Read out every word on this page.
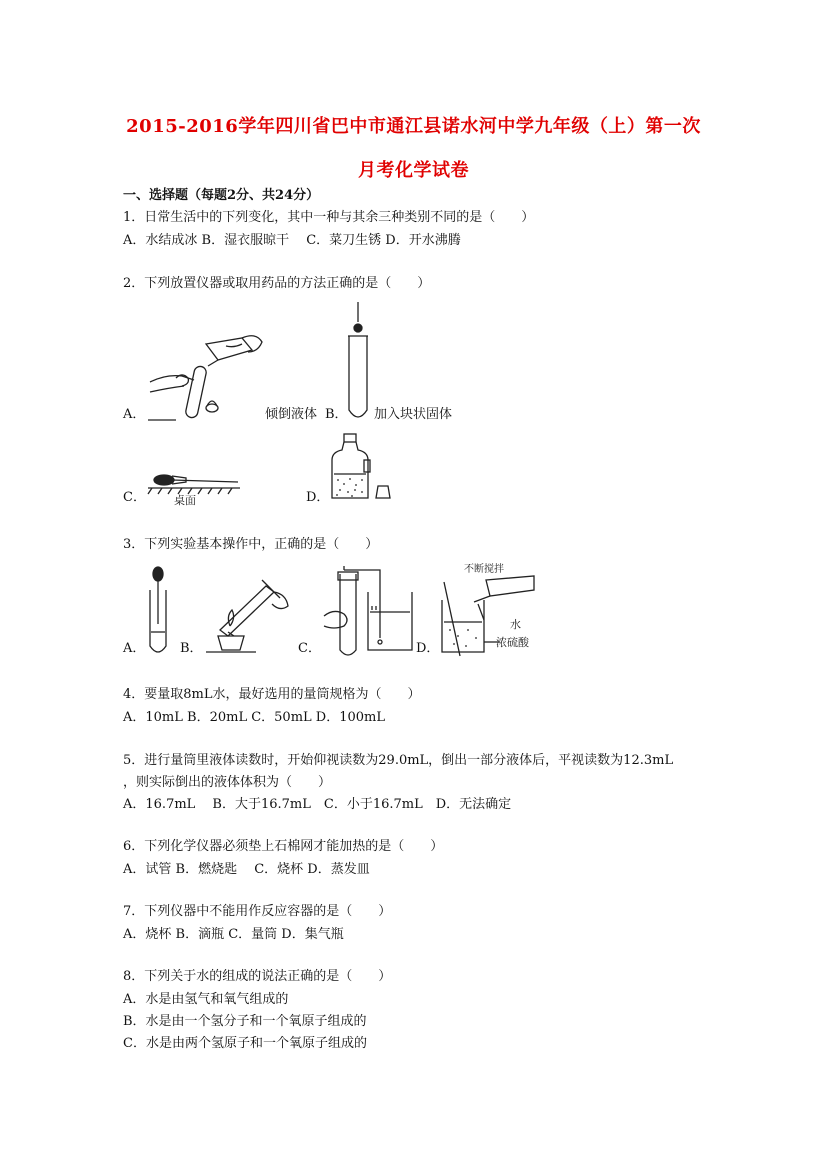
2015-2016学年四川省巴中市通江县诺水河中学九年级（上）第一次
月考化学试卷
一、选择题（每题2分、共24分）
1．日常生活中的下列变化，其中一种与其余三种类别不同的是（　　）
A．水结成冰 B．湿衣服晾干　 C．菜刀生锈 D．开水沸腾
2．下列放置仪器或取用药品的方法正确的是（　　）
A．	倾倒液体 B． 加入块状固体
桌面
C．	D．
3．下列实验基本操作中，正确的是（　　）
A．	B．	C．
不断搅拌
水
浓硫酸
D．
4．要量取8mL水，最好选用的量筒规格为（　　）
A．10mL B．20mL C．50mL D．100mL
5．进行量筒里液体读数时，开始仰视读数为29.0mL，倒出一部分液体后，平视读数为12.3mL
，则实际倒出的液体体积为（　　）
A．16.7mL　 B．大于16.7mL　C．小于16.7mL　D．无法确定
6．下列化学仪器必须垫上石棉网才能加热的是（　　）
A．试管 B．燃烧匙　 C．烧杯 D．蒸发皿
7．下列仪器中不能用作反应容器的是（　　）
A．烧杯 B．滴瓶 C．量筒 D．集气瓶
8．下列关于水的组成的说法正确的是（　　）
A．水是由氢气和氧气组成的
B．水是由一个氢分子和一个氧原子组成的
C．水是由两个氢原子和一个氧原子组成的
